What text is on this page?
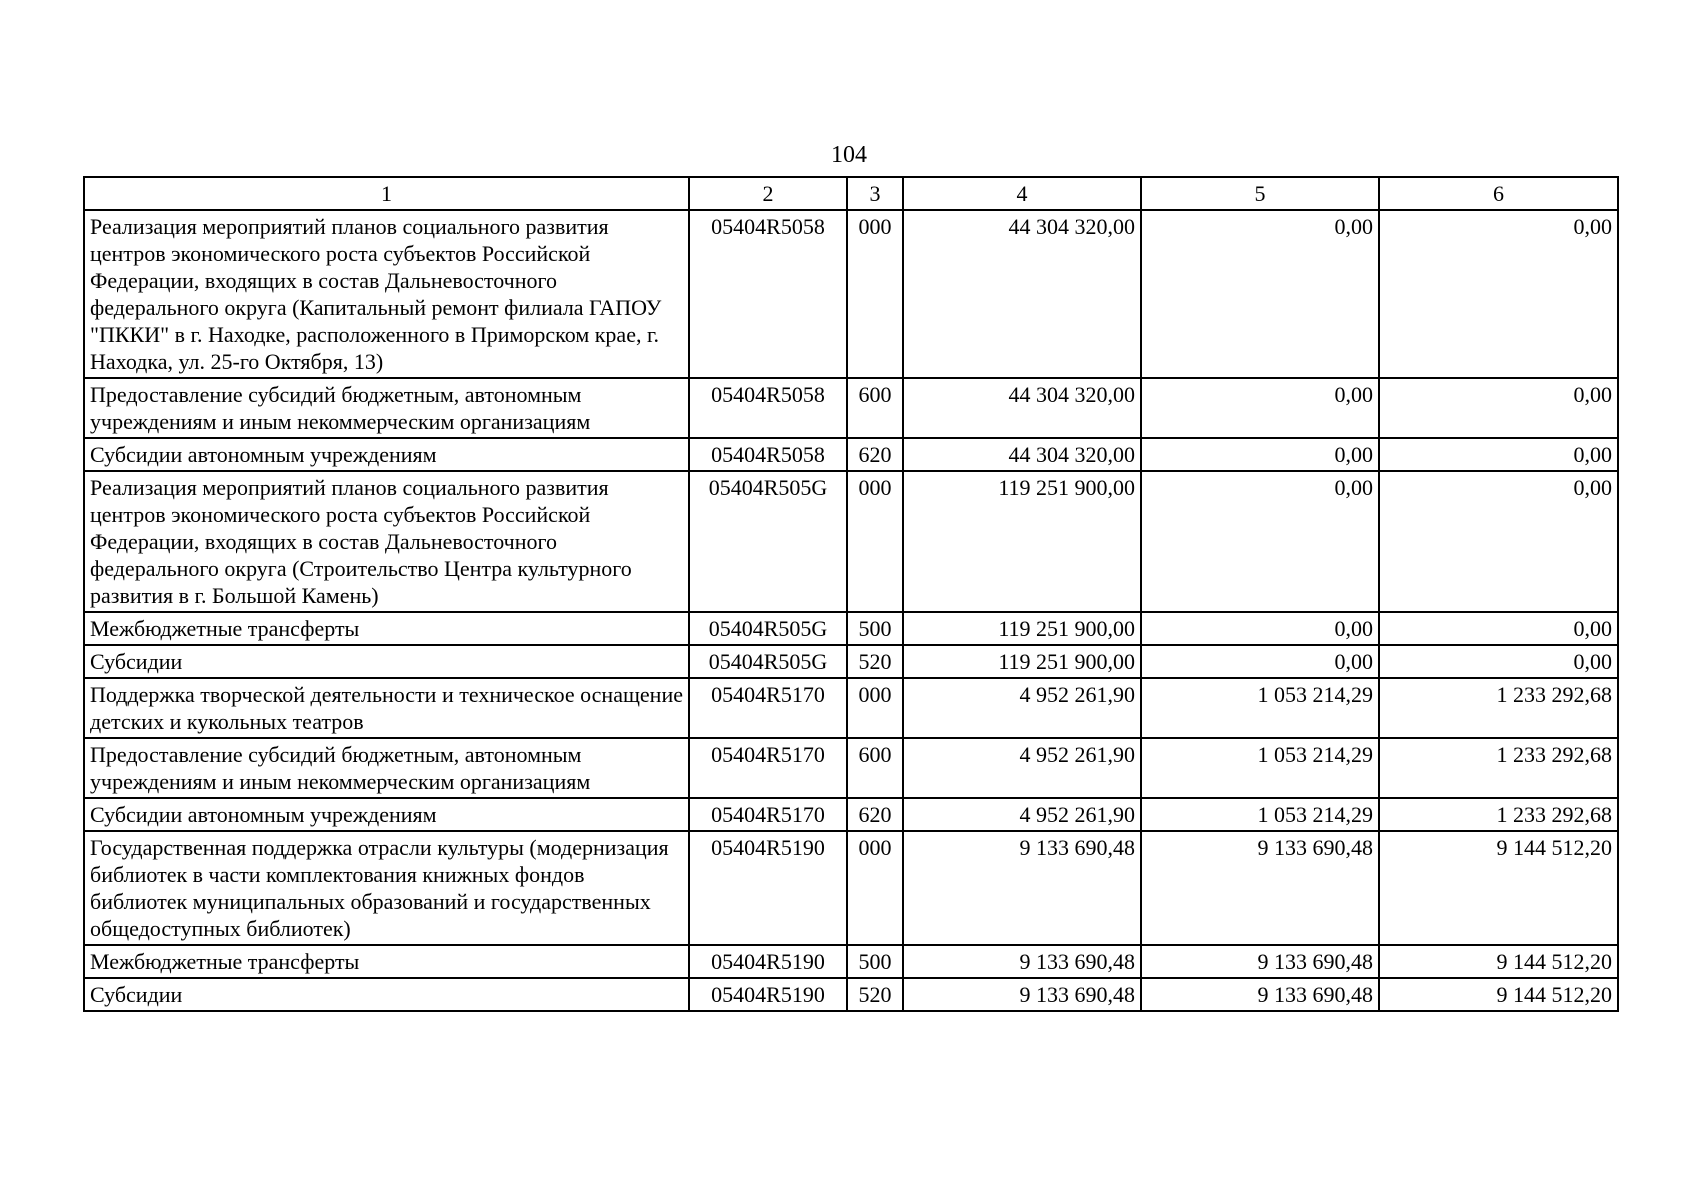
104
1	2	3	4	5	6
Реализация мероприятий планов социального развития центров экономического роста субъектов Российской Федерации, входящих в состав Дальневосточного федерального округа (Капитальный ремонт филиала ГАПОУ "ПККИ" в г. Находке, расположенного в Приморском крае, г. Находка, ул. 25-го Октября, 13)	05404R5058	000	44 304 320,00	0,00	0,00
Предоставление субсидий бюджетным, автономным учреждениям и иным некоммерческим организациям	05404R5058	600	44 304 320,00	0,00	0,00
Субсидии автономным учреждениям	05404R5058	620	44 304 320,00	0,00	0,00
Реализация мероприятий планов социального развития центров экономического роста субъектов Российской Федерации, входящих в состав Дальневосточного федерального округа (Строительство Центра культурного развития в г. Большой Камень)	05404R505G	000	119 251 900,00	0,00	0,00
Межбюджетные трансферты	05404R505G	500	119 251 900,00	0,00	0,00
Субсидии	05404R505G	520	119 251 900,00	0,00	0,00
Поддержка творческой деятельности и техническое оснащение детских и кукольных театров	05404R5170	000	4 952 261,90	1 053 214,29	1 233 292,68
Предоставление субсидий бюджетным, автономным учреждениям и иным некоммерческим организациям	05404R5170	600	4 952 261,90	1 053 214,29	1 233 292,68
Субсидии автономным учреждениям	05404R5170	620	4 952 261,90	1 053 214,29	1 233 292,68
Государственная поддержка отрасли культуры (модернизация библиотек в части комплектования книжных фондов библиотек муниципальных образований и государственных общедоступных библиотек)	05404R5190	000	9 133 690,48	9 133 690,48	9 144 512,20
Межбюджетные трансферты	05404R5190	500	9 133 690,48	9 133 690,48	9 144 512,20
Субсидии	05404R5190	520	9 133 690,48	9 133 690,48	9 144 512,20
